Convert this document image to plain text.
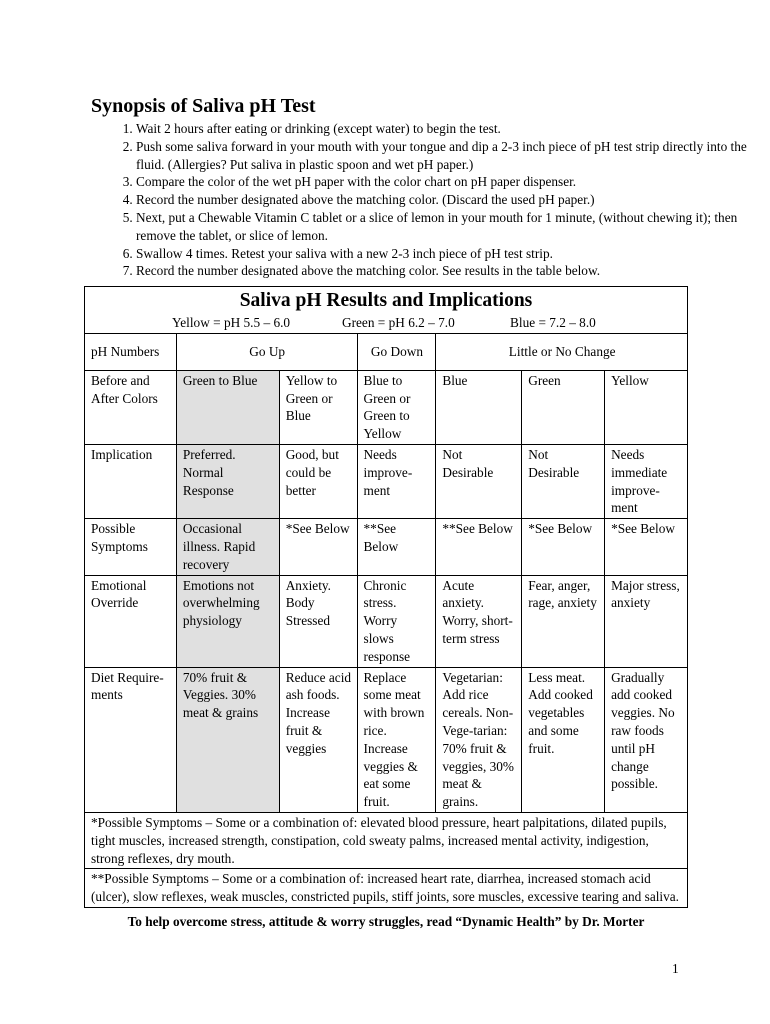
Synopsis of Saliva pH Test
1. Wait 2 hours after eating or drinking (except water) to begin the test.
2. Push some saliva forward in your mouth with your tongue and dip a 2-3 inch piece of pH test strip directly into the fluid. (Allergies? Put saliva in plastic spoon and wet pH paper.)
3. Compare the color of the wet pH paper with the color chart on pH paper dispenser.
4. Record the number designated above the matching color. (Discard the used pH paper.)
5. Next, put a Chewable Vitamin C tablet or a slice of lemon in your mouth for 1 minute, (without chewing it); then remove the tablet, or slice of lemon.
6. Swallow 4 times. Retest your saliva with a new 2-3 inch piece of pH test strip.
7. Record the number designated above the matching color. See results in the table below.
Saliva pH Results and Implications
Yellow = pH 5.5 – 6.0 Green = pH 6.2 – 7.0 Blue = 7.2 – 8.0						

pH Numbers	Go Up		Go Down	Little or No Change		
Before and After Colors	Green to Blue	Yellow to Green or Blue	Blue to Green or Green to Yellow	Blue	Green	Yellow
Implication	Preferred. Normal Response	Good, but could be better	Needs improve-ment	Not Desirable	Not Desirable	Needs immediate improve-ment
Possible Symptoms	Occasional illness. Rapid recovery	*See Below	**See Below	**See Below	*See Below	*See Below
Emotional Override	Emotions not overwhelming physiology	Anxiety. Body Stressed	Chronic stress. Worry slows response	Acute anxiety. Worry, short-term stress	Fear, anger, rage, anxiety	Major stress, anxiety
Diet Require-ments	70% fruit & Veggies. 30% meat & grains	Reduce acid ash foods. Increase fruit & veggies	Replace some meat with brown rice. Increase veggies & eat some fruit.	Vegetarian: Add rice cereals. Non-Vege-tarian: 70% fruit & veggies, 30% meat & grains.	Less meat. Add cooked vegetables and some fruit.	Gradually add cooked veggies. No raw foods until pH change possible.
*Possible Symptoms – Some or a combination of: elevated blood pressure, heart palpitations, dilated pupils, tight muscles, increased strength, constipation, cold sweaty palms, increased mental activity, indigestion, strong reflexes, dry mouth.						
**Possible Symptoms – Some or a combination of: increased heart rate, diarrhea, increased stomach acid (ulcer), slow reflexes, weak muscles, constricted pupils, stiff joints, sore muscles, excessive tearing and saliva.						
To help overcome stress, attitude & worry struggles, read “Dynamic Health” by Dr. Morter
1
